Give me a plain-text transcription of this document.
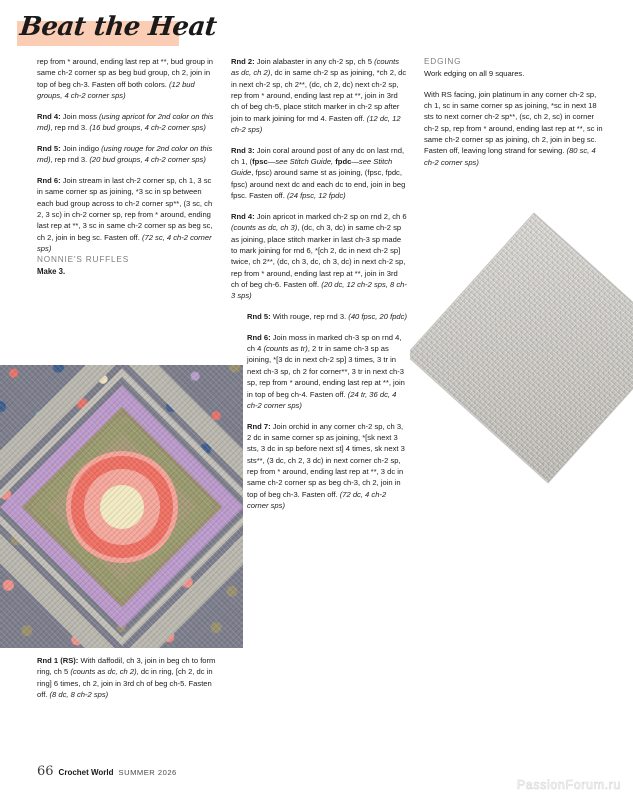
Beat the Heat
rep from * around, ending last rep at **, bud group in same ch-2 corner sp as beg bud group, ch 2, join in top of beg ch-3. Fasten off both colors. (12 bud groups, 4 ch-2 corner sps)
Rnd 4: Join moss (using apricot for 2nd color on this rnd), rep rnd 3. (16 bud groups, 4 ch-2 corner sps)
Rnd 5: Join indigo (using rouge for 2nd color on this rnd), rep rnd 3. (20 bud groups, 4 ch-2 corner sps)
Rnd 6: Join stream in last ch-2 corner sp, ch 1, 3 sc in same corner sp as joining, *3 sc in sp between each bud group across to ch-2 corner sp**, (3 sc, ch 2, 3 sc) in ch-2 corner sp, rep from * around, ending last rep at **, 3 sc in same ch-2 corner sp as beg sc, ch 2, join in beg sc. Fasten off. (72 sc, 4 ch-2 corner sps)
NONNIE'S RUFFLES
Make 3.
Rnd 1 (RS): With daffodil, ch 3, join in beg ch to form ring, ch 5 (counts as dc, ch 2), dc in ring, [ch 2, dc in ring] 6 times, ch 2, join in 3rd ch of beg ch-5. Fasten off. (8 dc, 8 ch-2 sps)
Rnd 2: Join alabaster in any ch-2 sp, ch 5 (counts as dc, ch 2), dc in same ch-2 sp as joining, *ch 2, dc in next ch-2 sp, ch 2**, (dc, ch 2, dc) next ch-2 sp, rep from * around, ending last rep at **, join in 3rd ch of beg ch-5, place stitch marker in ch-2 sp after join to mark joining for rnd 4. Fasten off. (12 dc, 12 ch-2 sps)
Rnd 3: Join coral around post of any dc on last rnd, ch 1, (fpsc—see Stitch Guide, fpdc—see Stitch Guide, fpsc) around same st as joining, (fpsc, fpdc, fpsc) around next dc and each dc to end, join in beg fpsc. Fasten off. (24 fpsc, 12 fpdc)
Rnd 4: Join apricot in marked ch-2 sp on rnd 2, ch 6 (counts as dc, ch 3), (dc, ch 3, dc) in same ch-2 sp as joining, place stitch marker in last ch-3 sp made to mark joining for rnd 6, *[ch 2, dc in next ch-2 sp] twice, ch 2**, (dc, ch 3, dc, ch 3, dc) in next ch-2 sp, rep from * around, ending last rep at **, join in 3rd ch of beg ch-6. Fasten off. (20 dc, 12 ch-2 sps, 8 ch-3 sps)
Rnd 5: With rouge, rep rnd 3. (40 fpsc, 20 fpdc)
Rnd 6: Join moss in marked ch-3 sp on rnd 4, ch 4 (counts as tr), 2 tr in same ch-3 sp as joining, *[3 dc in next ch-2 sp] 3 times, 3 tr in next ch-3 sp, ch 2 for corner**, 3 tr in next ch-3 sp, rep from * around, ending last rep at **, join in top of beg ch-4. Fasten off. (24 tr, 36 dc, 4 ch-2 corner sps)
Rnd 7: Join orchid in any corner ch-2 sp, ch 3, 2 dc in same corner sp as joining, *[sk next 3 sts, 3 dc in sp before next st] 4 times, sk next 3 sts**, (3 dc, ch 2, 3 dc) in next corner ch-2 sp, rep from * around, ending last rep at **, 3 dc in same ch-2 corner sp as beg ch-3, ch 2, join in top of beg ch-3. Fasten off. (72 dc, 4 ch-2 corner sps)
EDGING
Work edging on all 9 squares.
With RS facing, join platinum in any corner ch-2 sp, ch 1, sc in same corner sp as joining, *sc in next 18 sts to next corner ch-2 sp**, (sc, ch 2, sc) in corner ch-2 sp, rep from * around, ending last rep at **, sc in same ch-2 corner sp as joining, ch 2, join in beg sc. Fasten off, leaving long strand for sewing. (80 sc, 4 ch-2 corner sps)
66 Crochet World SUMMER 2026
PassionForum.ru
